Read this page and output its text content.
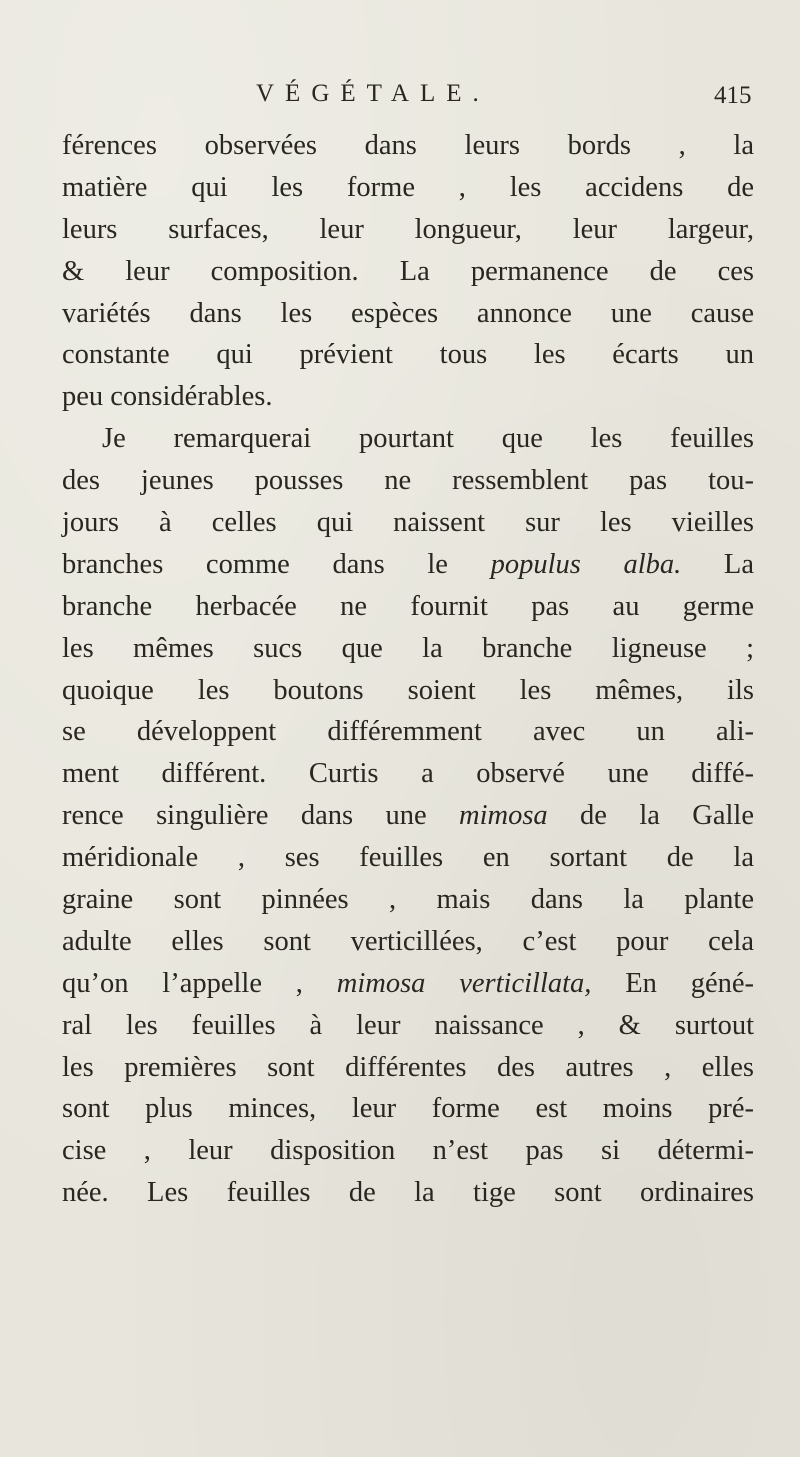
VÉGÉTALE.	415
férences observées dans leurs bords , la
matière qui les forme , les accidens de
leurs surfaces, leur longueur, leur largeur,
& leur composition. La permanence de ces
variétés dans les espèces annonce une cause
constante qui prévient tous les écarts un
peu considérables.
Je remarquerai pourtant que les feuilles
des jeunes pousses ne ressemblent pas tou-
jours à celles qui naissent sur les vieilles
branches comme dans le populus alba. La
branche herbacée ne fournit pas au germe
les mêmes sucs que la branche ligneuse ;
quoique les boutons soient les mêmes, ils
se développent différemment avec un ali-
ment différent. Curtis a observé une diffé-
rence singulière dans une mimosa de la Galle
méridionale , ses feuilles en sortant de la
graine sont pinnées , mais dans la plante
adulte elles sont verticillées, c’est pour cela
qu’on l’appelle , mimosa verticillata, En géné-
ral les feuilles à leur naissance , & surtout
les premières sont différentes des autres , elles
sont plus minces, leur forme est moins pré-
cise , leur disposition n’est pas si détermi-
née. Les feuilles de la tige sont ordinaires
